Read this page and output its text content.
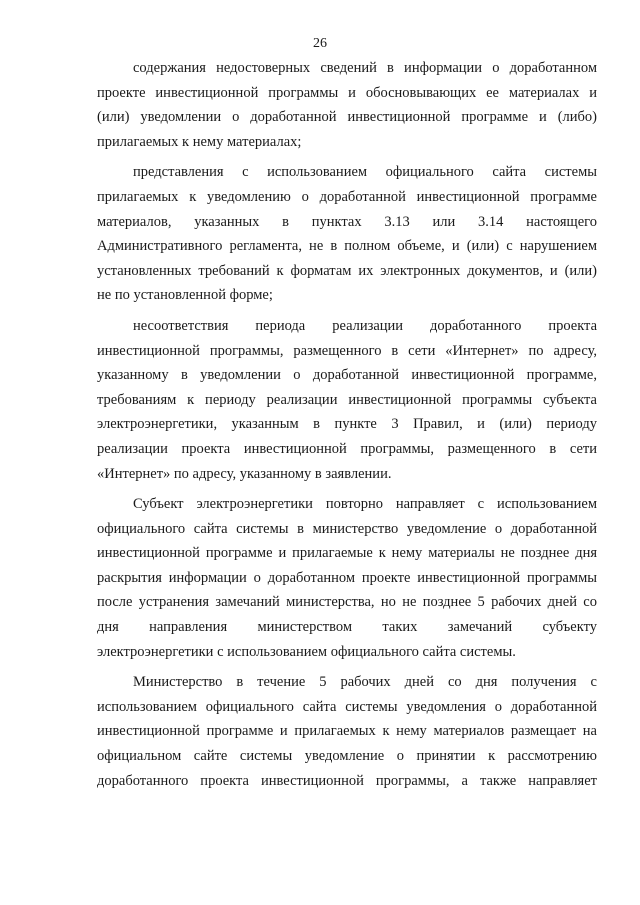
26
содержания недостоверных сведений в информации о доработанном
проекте инвестиционной программы и обосновывающих ее материалах и
(или) уведомлении о доработанной инвестиционной программе и (либо)
прилагаемых к нему материалах;
представления с использованием официального сайта системы
прилагаемых к уведомлению о доработанной инвестиционной программе
материалов, указанных в пунктах 3.13 или 3.14 настоящего
Административного регламента, не в полном объеме, и (или) с нарушением
установленных требований к форматам их электронных документов, и (или)
не по установленной форме;
несоответствия периода реализации доработанного проекта
инвестиционной программы, размещенного в сети «Интернет» по адресу,
указанному в уведомлении о доработанной инвестиционной программе,
требованиям к периоду реализации инвестиционной программы субъекта
электроэнергетики, указанным в пункте 3 Правил, и (или) периоду
реализации проекта инвестиционной программы, размещенного в сети
«Интернет» по адресу, указанному в заявлении.
Субъект электроэнергетики повторно направляет с использованием
официального сайта системы в министерство уведомление о доработанной
инвестиционной программе и прилагаемые к нему материалы не позднее дня
раскрытия информации о доработанном проекте инвестиционной программы
после устранения замечаний министерства, но не позднее 5 рабочих дней со
дня направления министерством таких замечаний субъекту
электроэнергетики с использованием официального сайта системы.
Министерство в течение 5 рабочих дней со дня получения с
использованием официального сайта системы уведомления о доработанной
инвестиционной программе и прилагаемых к нему материалов размещает на
официальном сайте системы уведомление о принятии к рассмотрению
доработанного проекта инвестиционной программы, а также направляет
